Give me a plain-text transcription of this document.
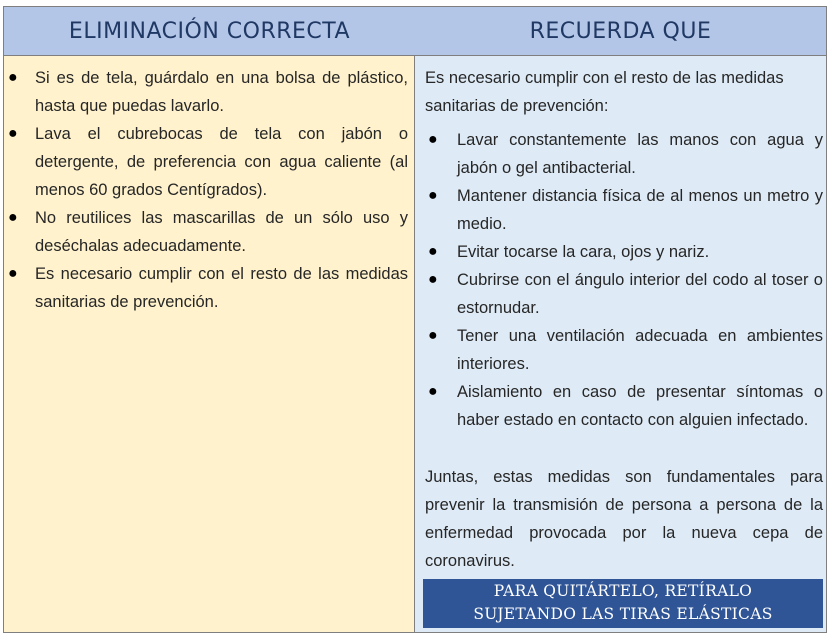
ELIMINACIÓN CORRECTA	RECUERDA QUE
● Si es de tela, guárdalo en una bolsa de plástico, hasta que puedas lavarlo.
● Lava el cubrebocas de tela con jabón o detergente, de preferencia con agua caliente (al menos 60 grados Centígrados).
● No reutilices las mascarillas de un sólo uso y deséchalas adecuadamente.
● Es necesario cumplir con el resto de las medidas sanitarias de prevención.
Es necesario cumplir con el resto de las medidas sanitarias de prevención:
● Lavar constantemente las manos con agua y jabón o gel antibacterial.
● Mantener distancia física de al menos un metro y medio.
● Evitar tocarse la cara, ojos y nariz.
● Cubrirse con el ángulo interior del codo al toser o estornudar.
● Tener una ventilación adecuada en ambientes interiores.
● Aislamiento en caso de presentar síntomas o haber estado en contacto con alguien infectado.
Juntas, estas medidas son fundamentales para prevenir la transmisión de persona a persona de la enfermedad provocada por la nueva cepa de coronavirus.
PARA QUITÁRTELO, RETÍRALO
SUJETANDO LAS TIRAS ELÁSTICAS
